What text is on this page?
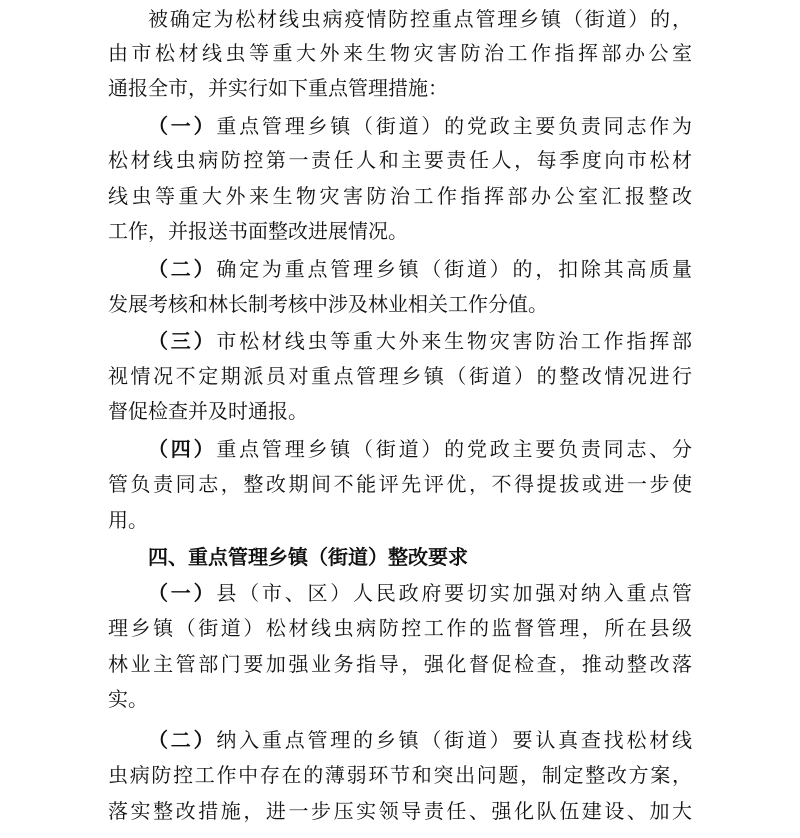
被确定为松材线虫病疫情防控重点管理乡镇（街道）的，
由市松材线虫等重大外来生物灾害防治工作指挥部办公室
通报全市，并实行如下重点管理措施：
（一）重点管理乡镇（街道）的党政主要负责同志作为
松材线虫病防控第一责任人和主要责任人，每季度向市松材
线虫等重大外来生物灾害防治工作指挥部办公室汇报整改
工作，并报送书面整改进展情况。
（二）确定为重点管理乡镇（街道）的，扣除其高质量
发展考核和林长制考核中涉及林业相关工作分值。
（三）市松材线虫等重大外来生物灾害防治工作指挥部
视情况不定期派员对重点管理乡镇（街道）的整改情况进行
督促检查并及时通报。
（四）重点管理乡镇（街道）的党政主要负责同志、分
管负责同志，整改期间不能评先评优，不得提拔或进一步使
用。
四、重点管理乡镇（街道）整改要求
（一）县（市、区）人民政府要切实加强对纳入重点管
理乡镇（街道）松材线虫病防控工作的监督管理，所在县级
林业主管部门要加强业务指导，强化督促检查，推动整改落
实。
（二）纳入重点管理的乡镇（街道）要认真查找松材线
虫病防控工作中存在的薄弱环节和突出问题，制定整改方案，
落实整改措施，进一步压实领导责任、强化队伍建设、加大
